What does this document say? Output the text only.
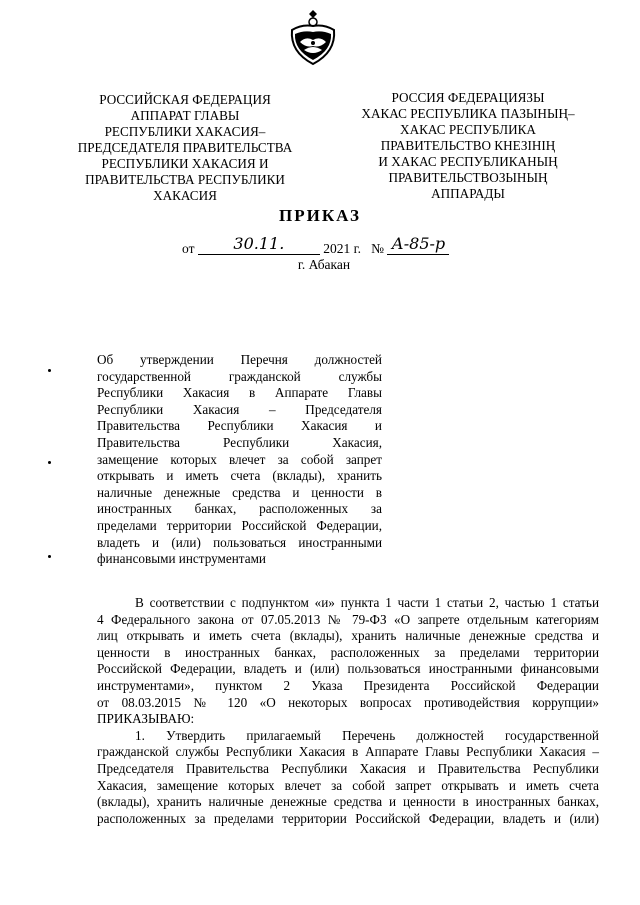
РОССИЙСКАЯ ФЕДЕРАЦИЯ
АППАРАТ ГЛАВЫ
РЕСПУБЛИКИ ХАКАСИЯ–
ПРЕДСЕДАТЕЛЯ ПРАВИТЕЛЬСТВА
РЕСПУБЛИКИ ХАКАСИЯ И
ПРАВИТЕЛЬСТВА РЕСПУБЛИКИ
ХАКАСИЯ
РОССИЯ ФЕДЕРАЦИЯЗЫ
ХАКАС РЕСПУБЛИКА ПАЗЫНЫҢ–
ХАКАС РЕСПУБЛИКА
ПРАВИТЕЛЬСТВО КНЕЗІНІҢ
И ХАКАС РЕСПУБЛИКАНЫҢ
ПРАВИТЕЛЬСТВОЗЫНЫҢ
АППАРАДЫ
ПРИКАЗ
от 30.11.	2021 г. № А-85-р
г. Абакан
Об утверждении Перечня должностей
государственной гражданской службы
Республики Хакасия в Аппарате Главы
Республики Хакасия – Председателя
Правительства Республики Хакасия и
Правительства Республики Хакасия,
замещение которых влечет за собой запрет
открывать и иметь счета (вклады), хранить
наличные денежные средства и ценности в
иностранных банках, расположенных за
пределами территории Российской Федерации,
владеть и (или) пользоваться иностранными
финансовыми инструментами
В соответствии с подпунктом «и» пункта 1 части 1 статьи 2, частью 1 статьи
4 Федерального закона от 07.05.2013 № 79-ФЗ «О запрете отдельным категориям
лиц открывать и иметь счета (вклады), хранить наличные денежные средства и
ценности в иностранных банках, расположенных за пределами территории
Российской Федерации, владеть и (или) пользоваться иностранными финансовыми
инструментами», пунктом 2 Указа Президента Российской Федерации
от 08.03.2015 № 120 «О некоторых вопросах противодействия коррупции»
ПРИКАЗЫВАЮ:
1. Утвердить прилагаемый Перечень должностей государственной
гражданской службы Республики Хакасия в Аппарате Главы Республики Хакасия –
Председателя Правительства Республики Хакасия и Правительства Республики
Хакасия, замещение которых влечет за собой запрет открывать и иметь счета
(вклады), хранить наличные денежные средства и ценности в иностранных банках,
расположенных за пределами территории Российской Федерации, владеть и (или)
